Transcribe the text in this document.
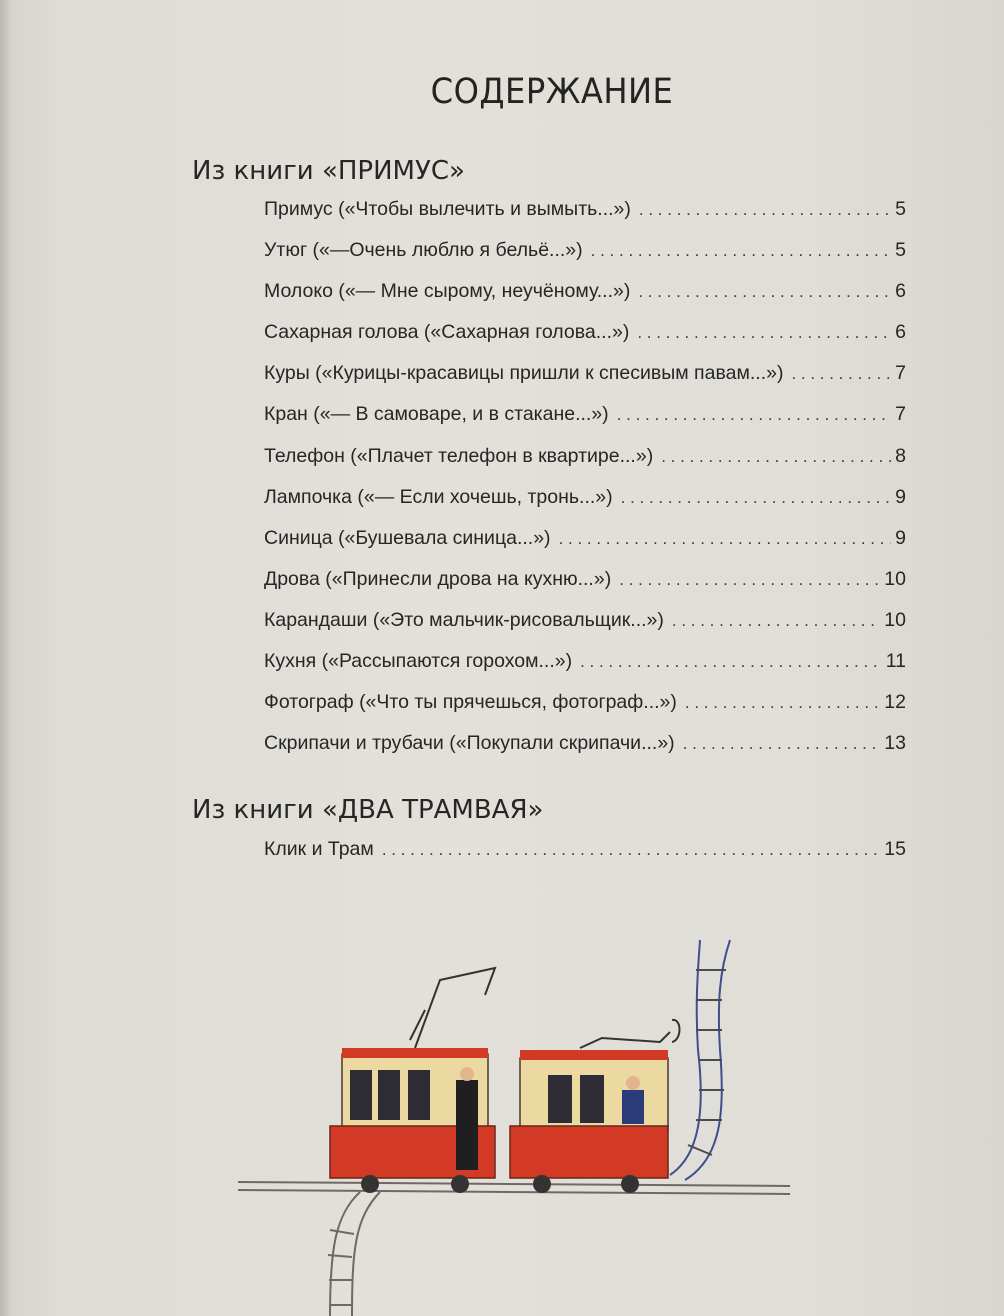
СОДЕРЖАНИЕ
Из книги «ПРИМУС»
Примус («Чтобы вылечить и вымыть...») . . .	5
Утюг («—Очень люблю я бельё...») . . .	5
Молоко («— Мне сырому, неучёному...») . . .	6
Сахарная голова («Сахарная голова...») . . .	6
Куры («Курицы-красавицы пришли к спесивым павам...») . . .	7
Кран («— В самоваре, и в стакане...») . . .	7
Телефон («Плачет телефон в квартире...») . . .	8
Лампочка («— Если хочешь, тронь...») . . .	9
Синица («Бушевала синица...») . . .	9
Дрова («Принесли дрова на кухню...») . . .	10
Карандаши («Это мальчик-рисовальщик...») . . .	10
Кухня («Рассыпаются горохом...») . . .	11
Фотограф («Что ты прячешься, фотограф...») . . .	12
Скрипачи и трубачи («Покупали скрипачи...») . . .	13
Из книги «ДВА ТРАМВАЯ»
Клик и Трам . . .	15
